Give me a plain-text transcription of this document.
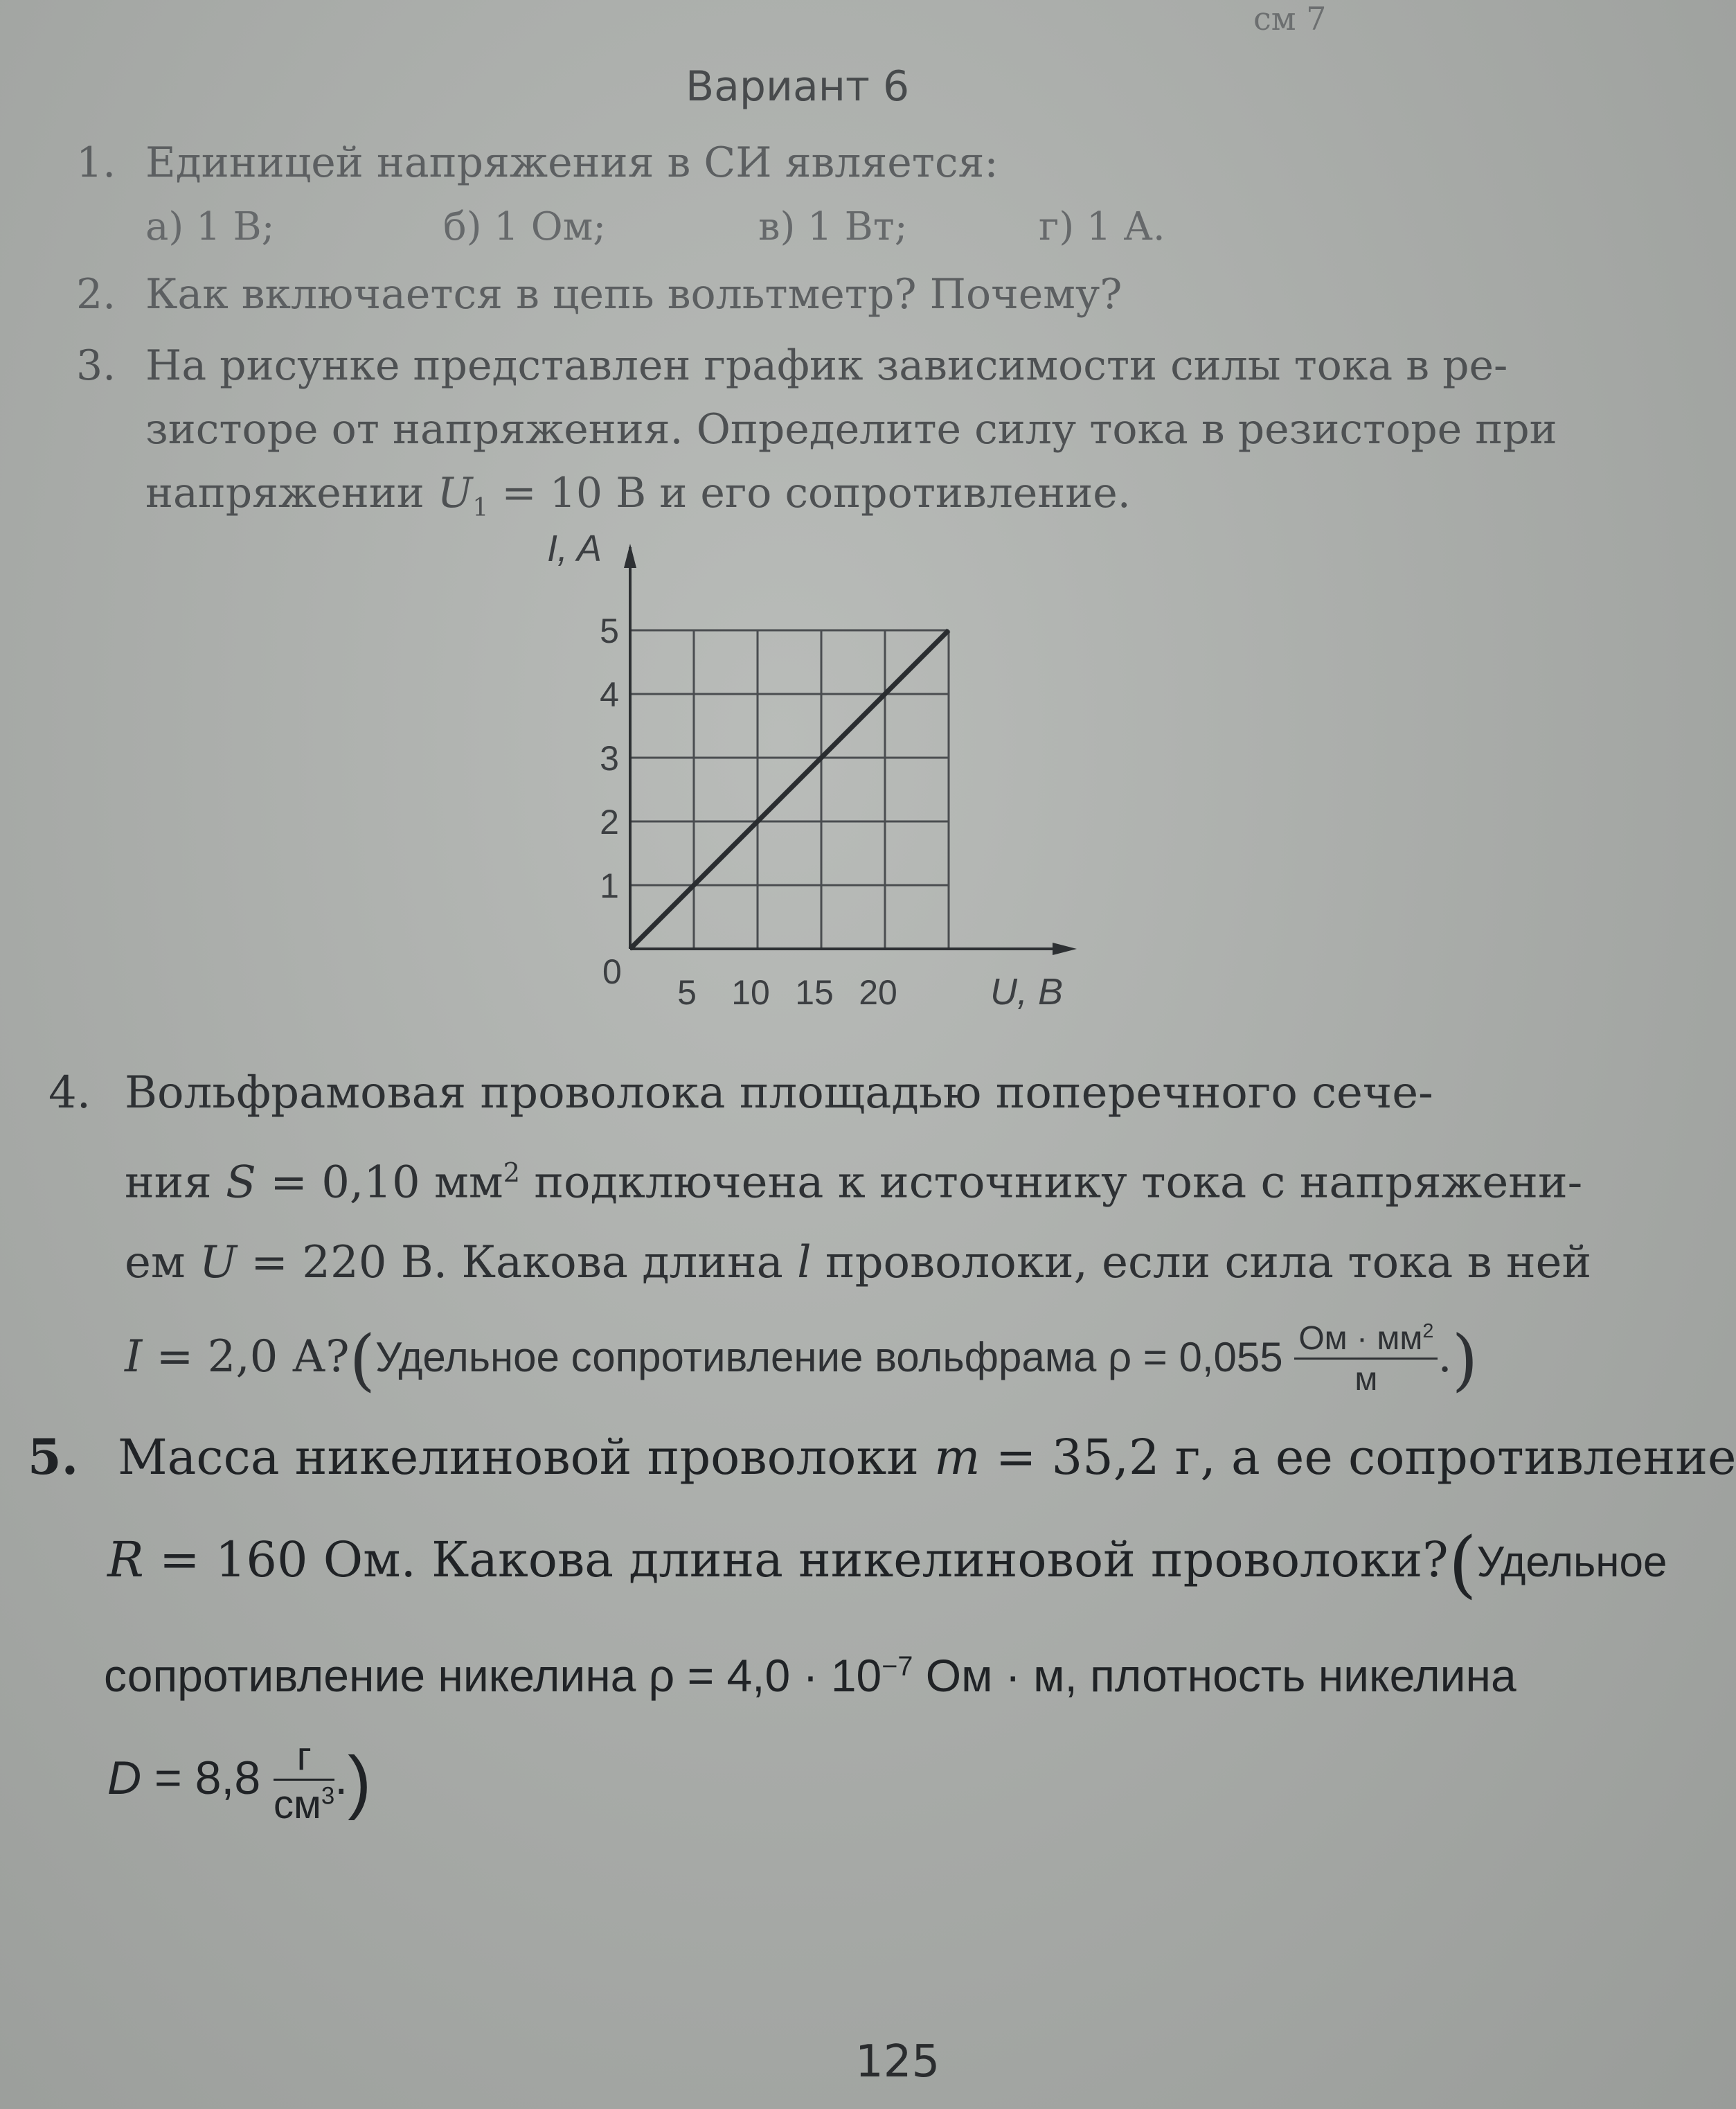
см 7
Вариант 6
1. Единицей напряжения в СИ является:
а) 1 В;	б) 1 Ом;	в) 1 Вт;	г) 1 А.
2. Как включается в цепь вольтметр? Почему?
3. На рисунке представлен график зависимости силы тока в ре-
зисторе от напряжения. Определите силу тока в резисторе при
напряжении $U_1 = 10$ В и его сопротивление.
5 10 15 20
1
2
3
4
5
I, A
U, B
0
4. Вольфрамовая проволока площадью поперечного сече-
ния S = 0,10 $мм^2$ подключена к источнику тока с напряжени-
ем U = 220 В. Какова длина l проволоки, если сила тока в ней
I = 2,0 А?(Удельное сопротивление вольфрама $\rho = 0,055 \frac{Ом \cdot мм^2}{м}$ .)
5. Масса никелиновой проволоки m = 35,2 г, а ее сопротивление
R = 160 Ом. Какова длина никелиновой проволоки?(Удельное
сопротивление никелина $\rho = 4,0 \cdot 10^{-7}$ Ом · м, плотность никелина
$D = 8,8 \frac{г}{см^3}$ .)
125
